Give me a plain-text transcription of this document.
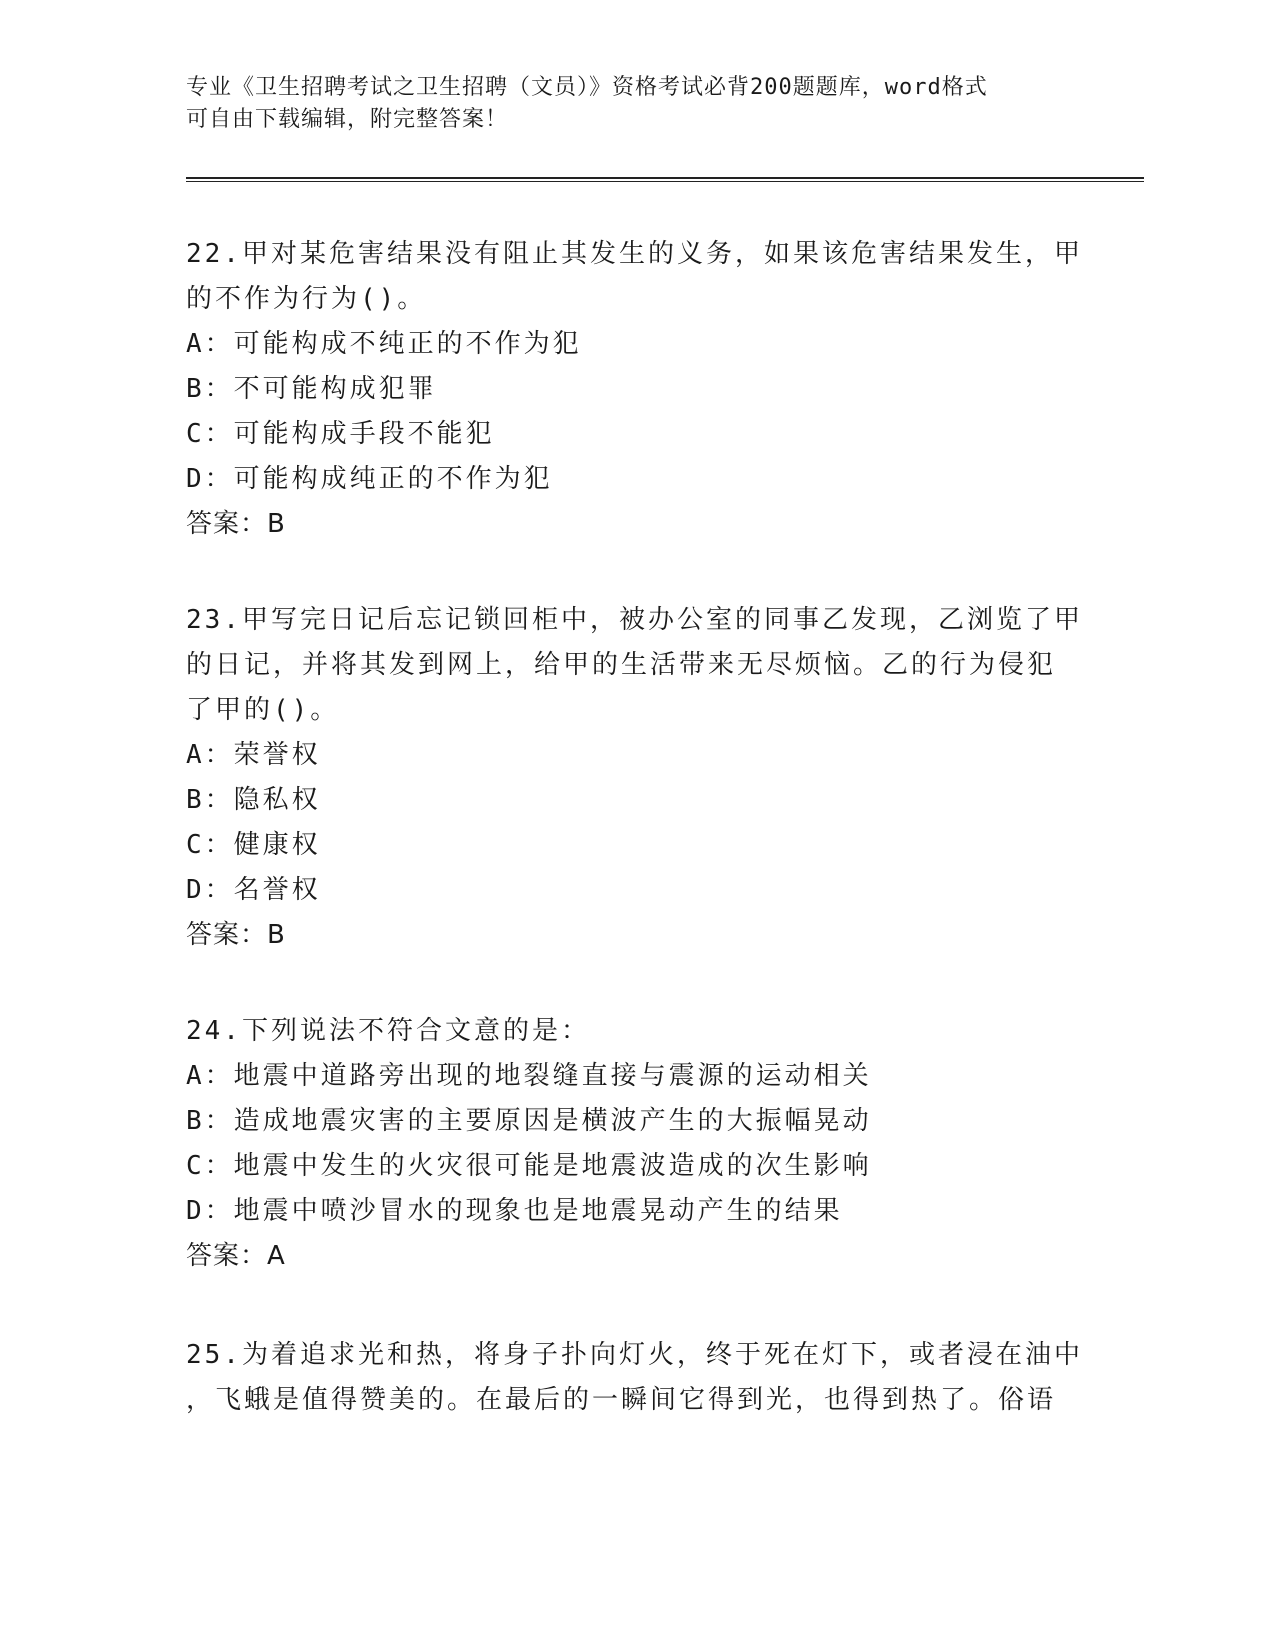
专业《卫生招聘考试之卫生招聘（文员）》资格考试必背200题题库，word格式
可自由下载编辑，附完整答案！
22.甲对某危害结果没有阻止其发生的义务，如果该危害结果发生，甲
的不作为行为()。
A：可能构成不纯正的不作为犯
B：不可能构成犯罪
C：可能构成手段不能犯
D：可能构成纯正的不作为犯
答案：B
23.甲写完日记后忘记锁回柜中，被办公室的同事乙发现，乙浏览了甲
的日记，并将其发到网上，给甲的生活带来无尽烦恼。乙的行为侵犯
了甲的()。
A：荣誉权
B：隐私权
C：健康权
D：名誉权
答案：B
24.下列说法不符合文意的是：
A：地震中道路旁出现的地裂缝直接与震源的运动相关
B：造成地震灾害的主要原因是横波产生的大振幅晃动
C：地震中发生的火灾很可能是地震波造成的次生影响
D：地震中喷沙冒水的现象也是地震晃动产生的结果
答案：A
25.为着追求光和热，将身子扑向灯火，终于死在灯下，或者浸在油中
，飞蛾是值得赞美的。在最后的一瞬间它得到光，也得到热了。俗语
